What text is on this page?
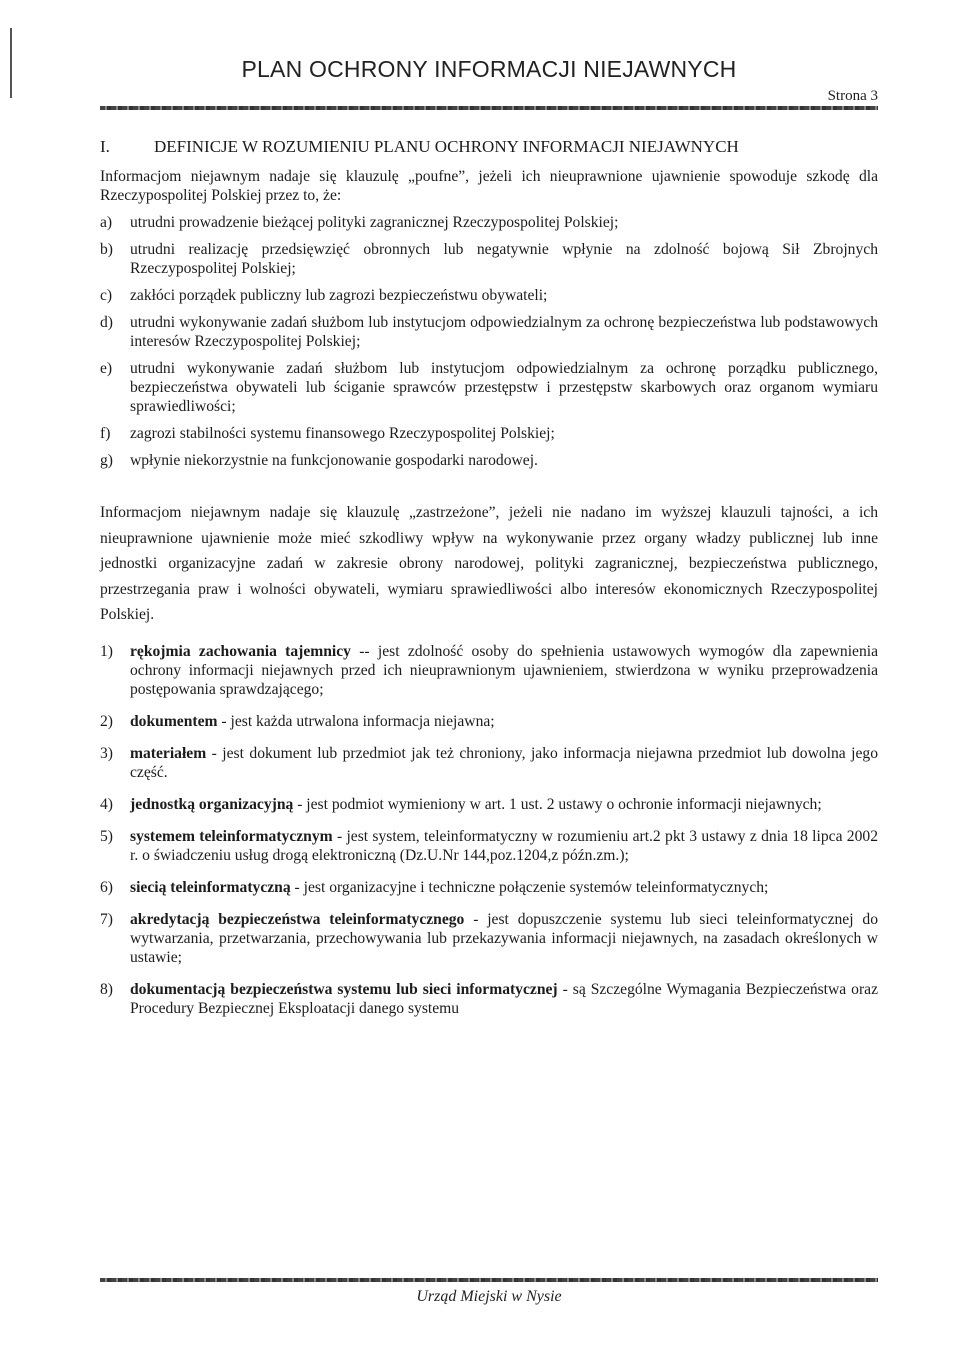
PLAN OCHRONY INFORMACJI NIEJAWNYCH
Strona 3
I.	DEFINICJE W ROZUMIENIU PLANU OCHRONY INFORMACJI NIEJAWNYCH

Informacjom niejawnym nadaje się klauzulę „poufne”, jeżeli ich nieuprawnione ujawnienie spowoduje szkodę dla Rzeczypospolitej Polskiej przez to, że:

a)	utrudni prowadzenie bieżącej polityki zagranicznej Rzeczypospolitej Polskiej;
b)	utrudni realizację przedsięwzięć obronnych lub negatywnie wpłynie na zdolność bojową Sił Zbrojnych Rzeczypospolitej Polskiej;
c)	zakłóci porządek publiczny lub zagrozi bezpieczeństwu obywateli;
d)	utrudni wykonywanie zadań służbom lub instytucjom odpowiedzialnym za ochronę bezpieczeństwa lub podstawowych interesów Rzeczypospolitej Polskiej;
e)	utrudni wykonywanie zadań służbom lub instytucjom odpowiedzialnym za ochronę porządku publicznego, bezpieczeństwa obywateli lub ściganie sprawców przestępstw i przestępstw skarbowych oraz organom wymiaru sprawiedliwości;
f)	zagrozi stabilności systemu finansowego Rzeczypospolitej Polskiej;
g)	wpłynie niekorzystnie na funkcjonowanie gospodarki narodowej.

Informacjom niejawnym nadaje się klauzulę „zastrzeżone”, jeżeli nie nadano im wyższej klauzuli tajności, a ich nieuprawnione ujawnienie może mieć szkodliwy wpływ na wykonywanie przez organy władzy publicznej lub inne jednostki organizacyjne zadań w zakresie obrony narodowej, polityki zagranicznej, bezpieczeństwa publicznego, przestrzegania praw i wolności obywateli, wymiaru sprawiedliwości albo interesów ekonomicznych Rzeczypospolitej Polskiej.

1)	rękojmia zachowania tajemnicy -- jest zdolność osoby do spełnienia ustawowych wymogów dla zapewnienia ochrony informacji niejawnych przed ich nieuprawnionym ujawnieniem, stwierdzona w wyniku przeprowadzenia postępowania sprawdzającego;
2)	dokumentem - jest każda utrwalona informacja niejawna;
3)	materiałem - jest dokument lub przedmiot jak też chroniony, jako informacja niejawna przedmiot lub dowolna jego część.
4)	jednostką organizacyjną - jest podmiot wymieniony w art. 1 ust. 2 ustawy o ochronie informacji niejawnych;
5)	systemem teleinformatycznym - jest system, teleinformatyczny w rozumieniu art.2 pkt 3 ustawy z dnia 18 lipca 2002 r. o świadczeniu usług drogą elektroniczną (Dz.U.Nr 144,poz.1204,z późn.zm.);
6)	siecią teleinformatyczną - jest organizacyjne i techniczne połączenie systemów teleinformatycznych;
7)	akredytacją bezpieczeństwa teleinformatycznego - jest dopuszczenie systemu lub sieci teleinformatycznej do wytwarzania, przetwarzania, przechowywania lub przekazywania informacji niejawnych, na zasadach określonych w ustawie;
8)	dokumentacją bezpieczeństwa systemu lub sieci informatycznej - są Szczególne Wymagania Bezpieczeństwa oraz Procedury Bezpiecznej Eksploatacji danego systemu
Urząd Miejski w Nysie
